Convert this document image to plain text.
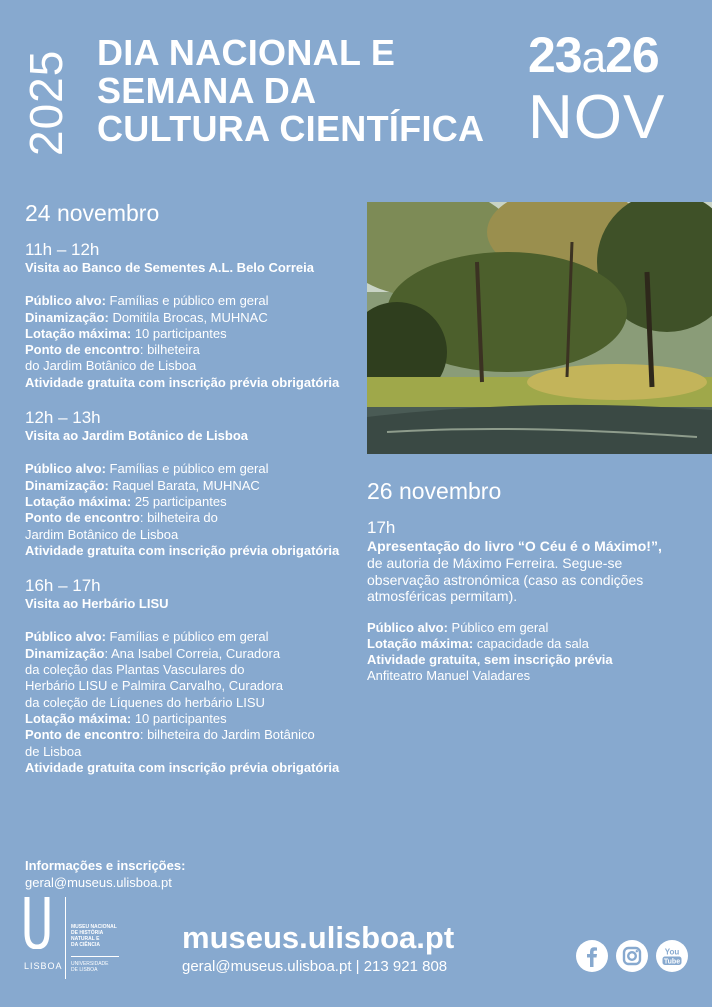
2025 DIA NACIONAL E
SEMANA DA
CULTURA CIENTÍFICA
23a26
NOV
24 novembro
11h – 12h
Visita ao Banco de Sementes A.L. Belo Correia
Público alvo: Famílias e público em geral
Dinamização: Domitila Brocas, MUHNAC
Lotação máxima: 10 participantes
Ponto de encontro: bilheteira
do Jardim Botânico de Lisboa
Atividade gratuita com inscrição prévia obrigatória
12h – 13h
Visita ao Jardim Botânico de Lisboa
Público alvo: Famílias e público em geral
Dinamização: Raquel Barata, MUHNAC
Lotação máxima: 25 participantes
Ponto de encontro: bilheteira do
Jardim Botânico de Lisboa
Atividade gratuita com inscrição prévia obrigatória
16h – 17h
Visita ao Herbário LISU
Público alvo: Famílias e público em geral
Dinamização: Ana Isabel Correia, Curadora
da coleção das Plantas Vasculares do
Herbário LISU e Palmira Carvalho, Curadora
da coleção de Líquenes do herbário LISU
Lotação máxima: 10 participantes
Ponto de encontro: bilheteira do Jardim Botânico
de Lisboa
Atividade gratuita com inscrição prévia obrigatória
26 novembro
17h
Apresentação do livro “O Céu é o Máximo!”,
de autoria de Máximo Ferreira. Segue-se
observação astronómica (caso as condições
atmosféricas permitam).
Público alvo: Público em geral
Lotação máxima: capacidade da sala
Atividade gratuita, sem inscrição prévia
Anfiteatro Manuel Valadares
Informações e inscrições:
geral@museus.ulisboa.pt
LISBOA
MUSEU NACIONAL
DE HISTÓRIA
NATURAL E
DA CIÊNCIA
UNIVERSIDADE
DE LISBOA
museus.ulisboa.pt
geral@museus.ulisboa.pt | 213 921 808
You
Tube
